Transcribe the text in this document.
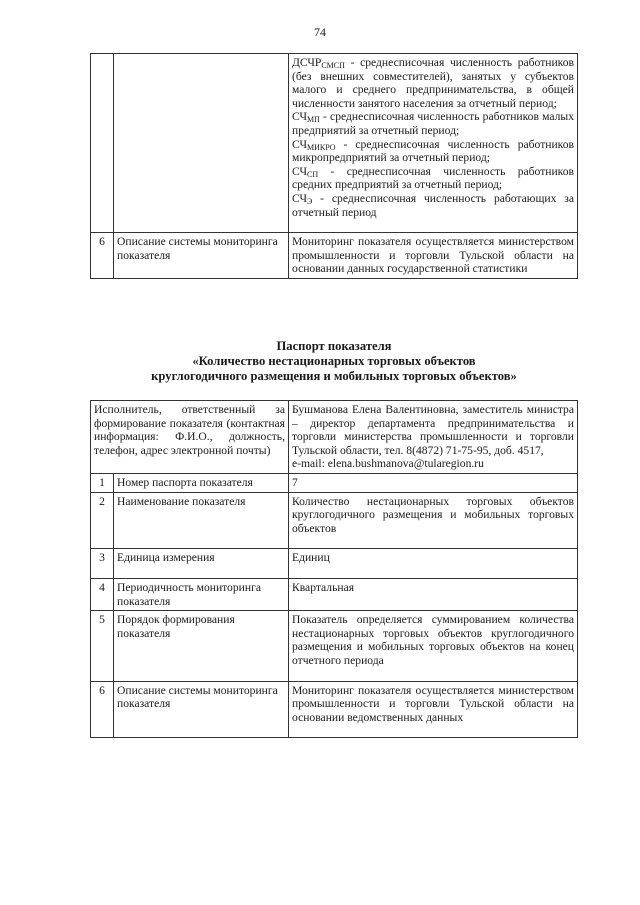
74

		$ДСЧР_{СМСП}$ - среднесписочная численность работников (без внешних совместителей), занятых у субъектов малого и среднего предпринимательства, в общей численности занятого населения за отчетный период;
$СЧ_{МП}$ - среднесписочная численность работников малых предприятий за отчетный период;
$СЧ_{МИКРО}$ - среднесписочная численность работников микропредприятий за отчетный период;
$СЧ_{СП}$ - среднесписочная численность работников средних предприятий за отчетный период;
$СЧ_Э$ - среднесписочная численность работающих за отчетный период

6	Описание системы мониторинга показателя	Мониторинг показателя осуществляется министерством промышленности и торговли Тульской области на основании данных государственной статистики
Паспорт показателя
«Количество нестационарных торговых объектов
круглогодичного размещения и мобильных торговых объектов»
Исполнитель, ответственный за формирование показателя (контактная информация: Ф.И.О., должность, телефон, адрес электронной почты)		Бушманова Елена Валентиновна, заместитель министра – директор департамента предпринимательства и торговли министерства промышленности и торговли Тульской области, тел. 8(4872) 71-75-95, доб. 4517,
e-mail: elena.bushmanova@tularegion.ru

1	Номер паспорта показателя	7
2	Наименование показателя	Количество нестационарных торговых объектов круглогодичного размещения и мобильных торговых объектов

3	Единица измерения	Единиц

4	Периодичность мониторинга показателя	Квартальная

5	Порядок формирования показателя	Показатель определяется суммированием количества нестационарных торговых объектов круглогодичного размещения и мобильных торговых объектов на конец отчетного периода

6	Описание системы мониторинга показателя	Мониторинг показателя осуществляется министерством промышленности и торговли Тульской области на основании ведомственных данных
